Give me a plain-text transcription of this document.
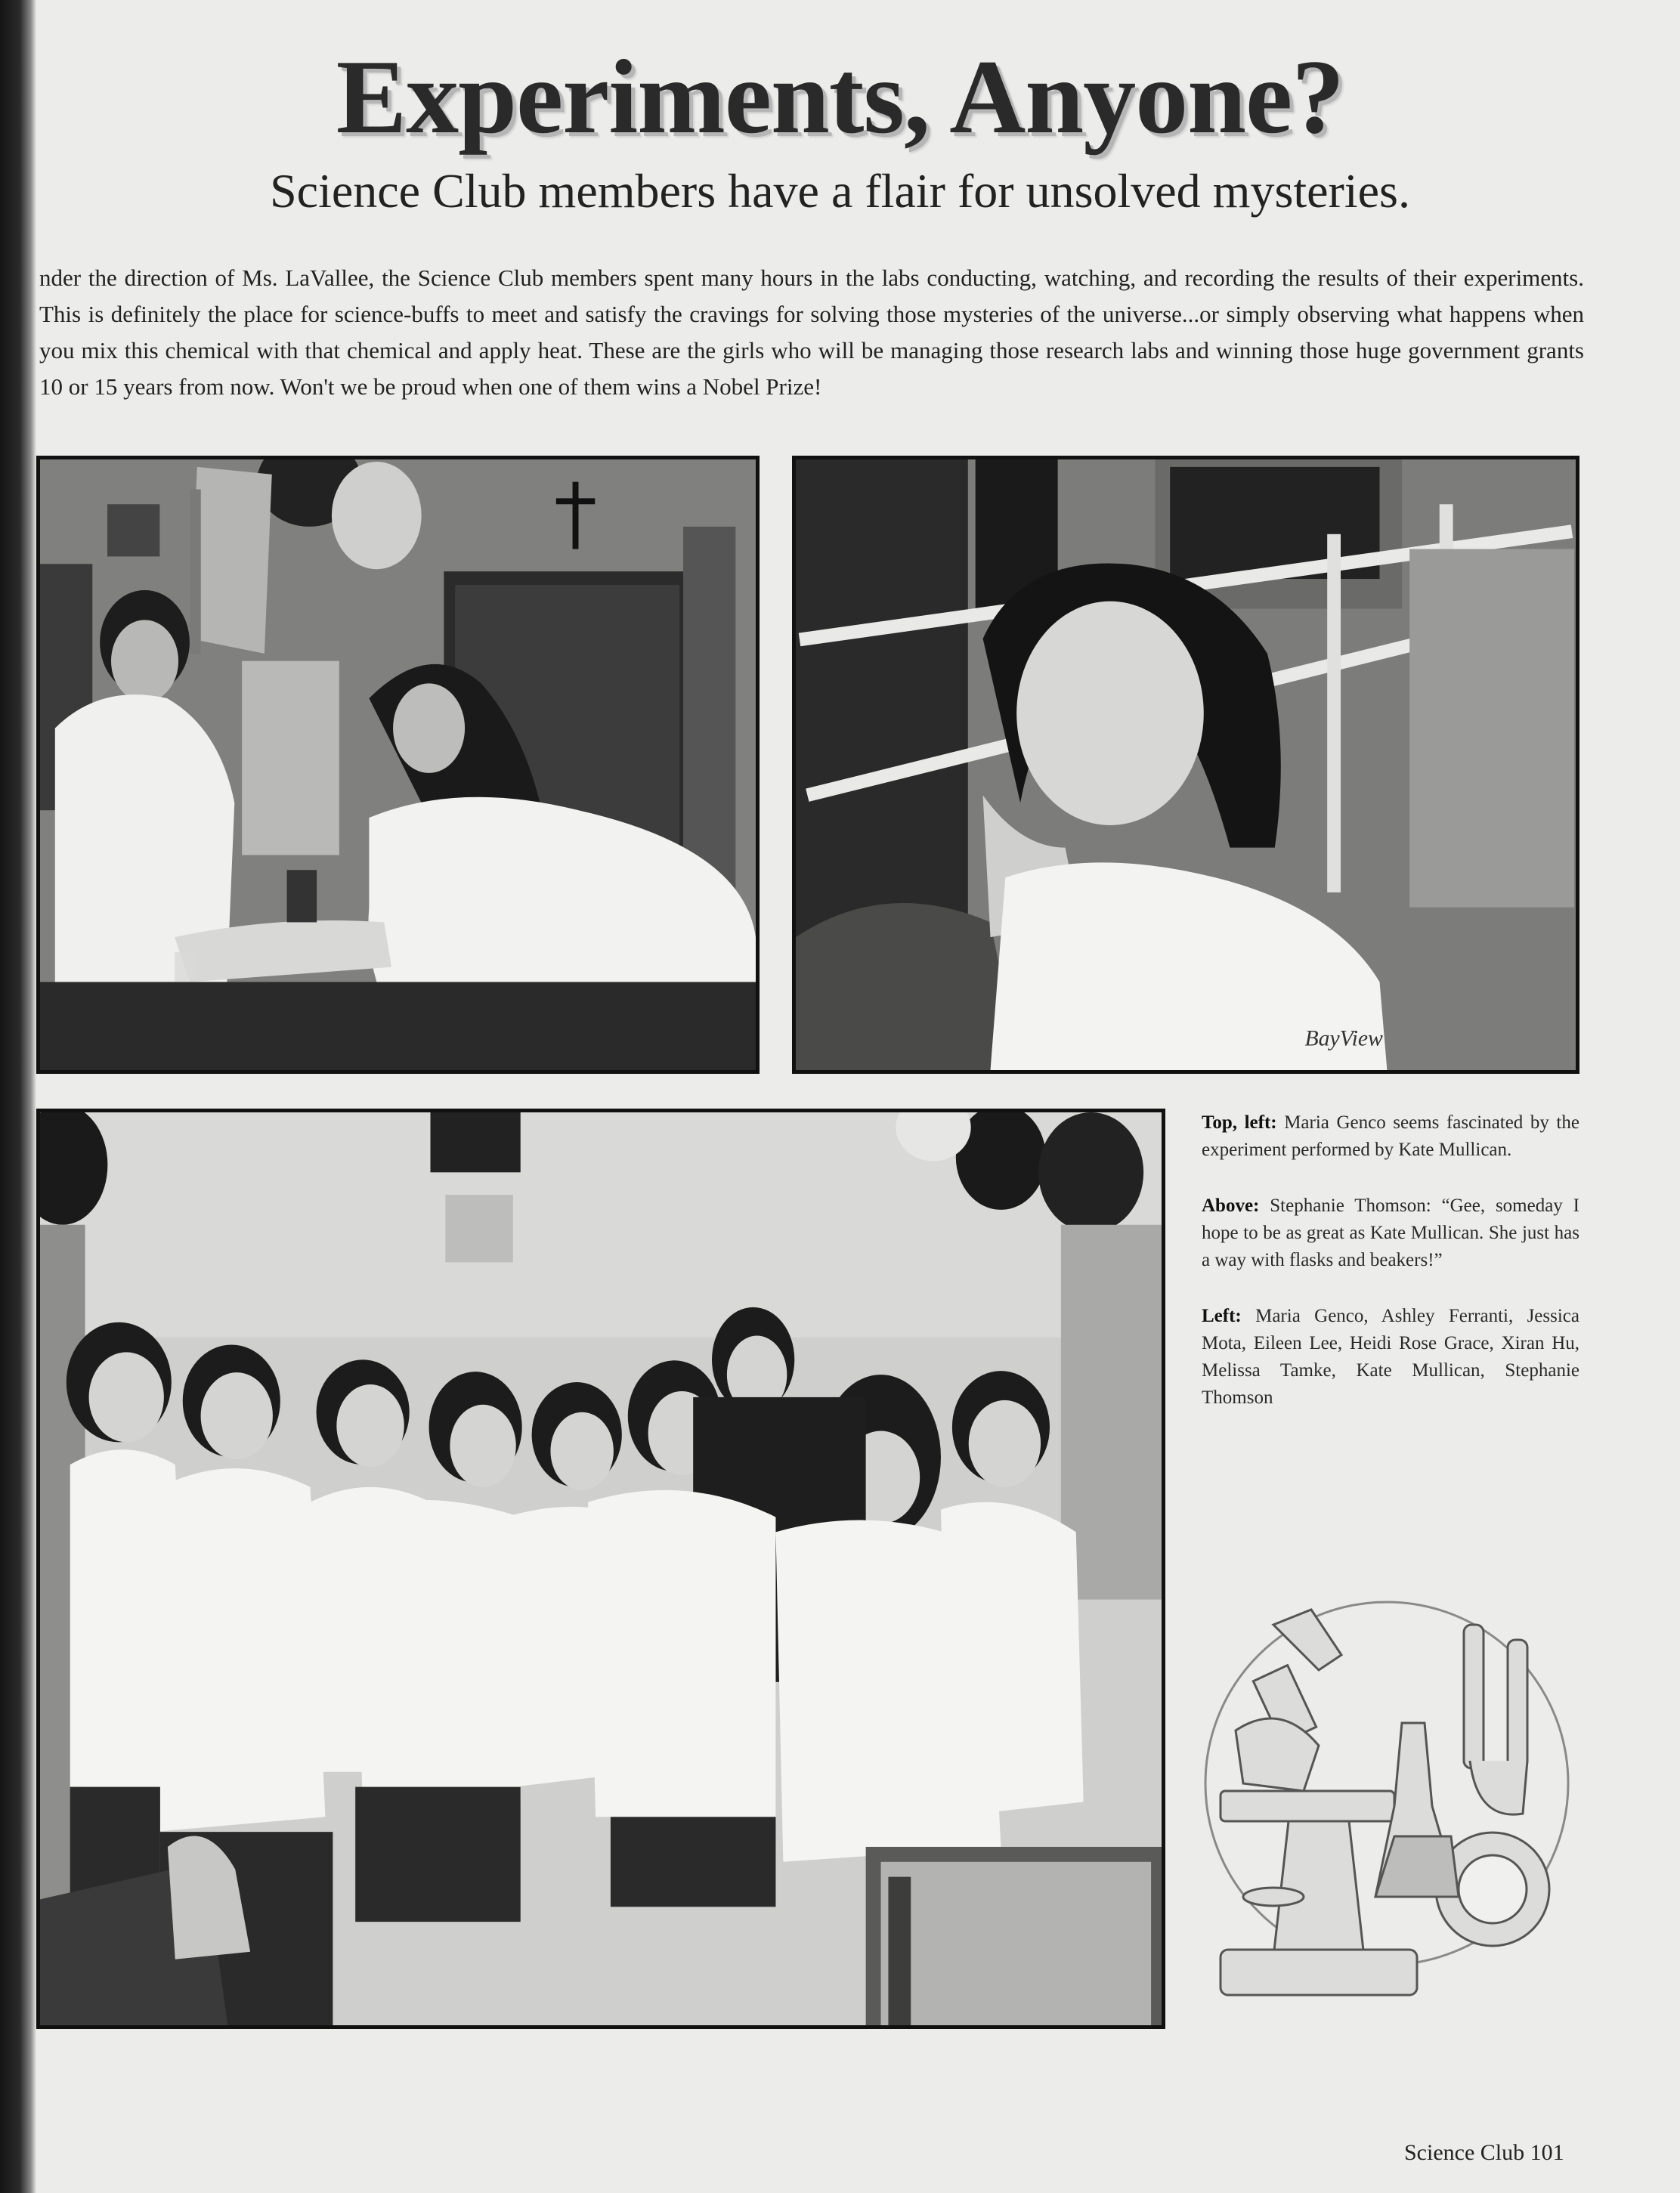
Experiments, Anyone?
Science Club members have a flair for unsolved mysteries.
nder the direction of Ms. LaVallee, the Science Club members spent many hours in the labs conducting, watching, and recording the results of their experiments. This is definitely the place for science-buffs to meet and satisfy the cravings for solving those mysteries of the universe...or simply observing what happens when you mix this chemical with that chemical and apply heat. These are the girls who will be managing those research labs and winning those huge government grants 10 or 15 years from now. Won't we be proud when one of them wins a Nobel Prize!
BayView

Top, left: Maria Genco seems fascinated by the experiment performed by Kate Mullican.

Above: Stephanie Thomson: “Gee, someday I hope to be as great as Kate Mullican. She just has a way with flasks and beakers!”

Left: Maria Genco, Ashley Ferranti, Jessica Mota, Eileen Lee, Heidi Rose Grace, Xiran Hu, Melissa Tamke, Kate Mullican, Stephanie Thomson

Science Club 101
